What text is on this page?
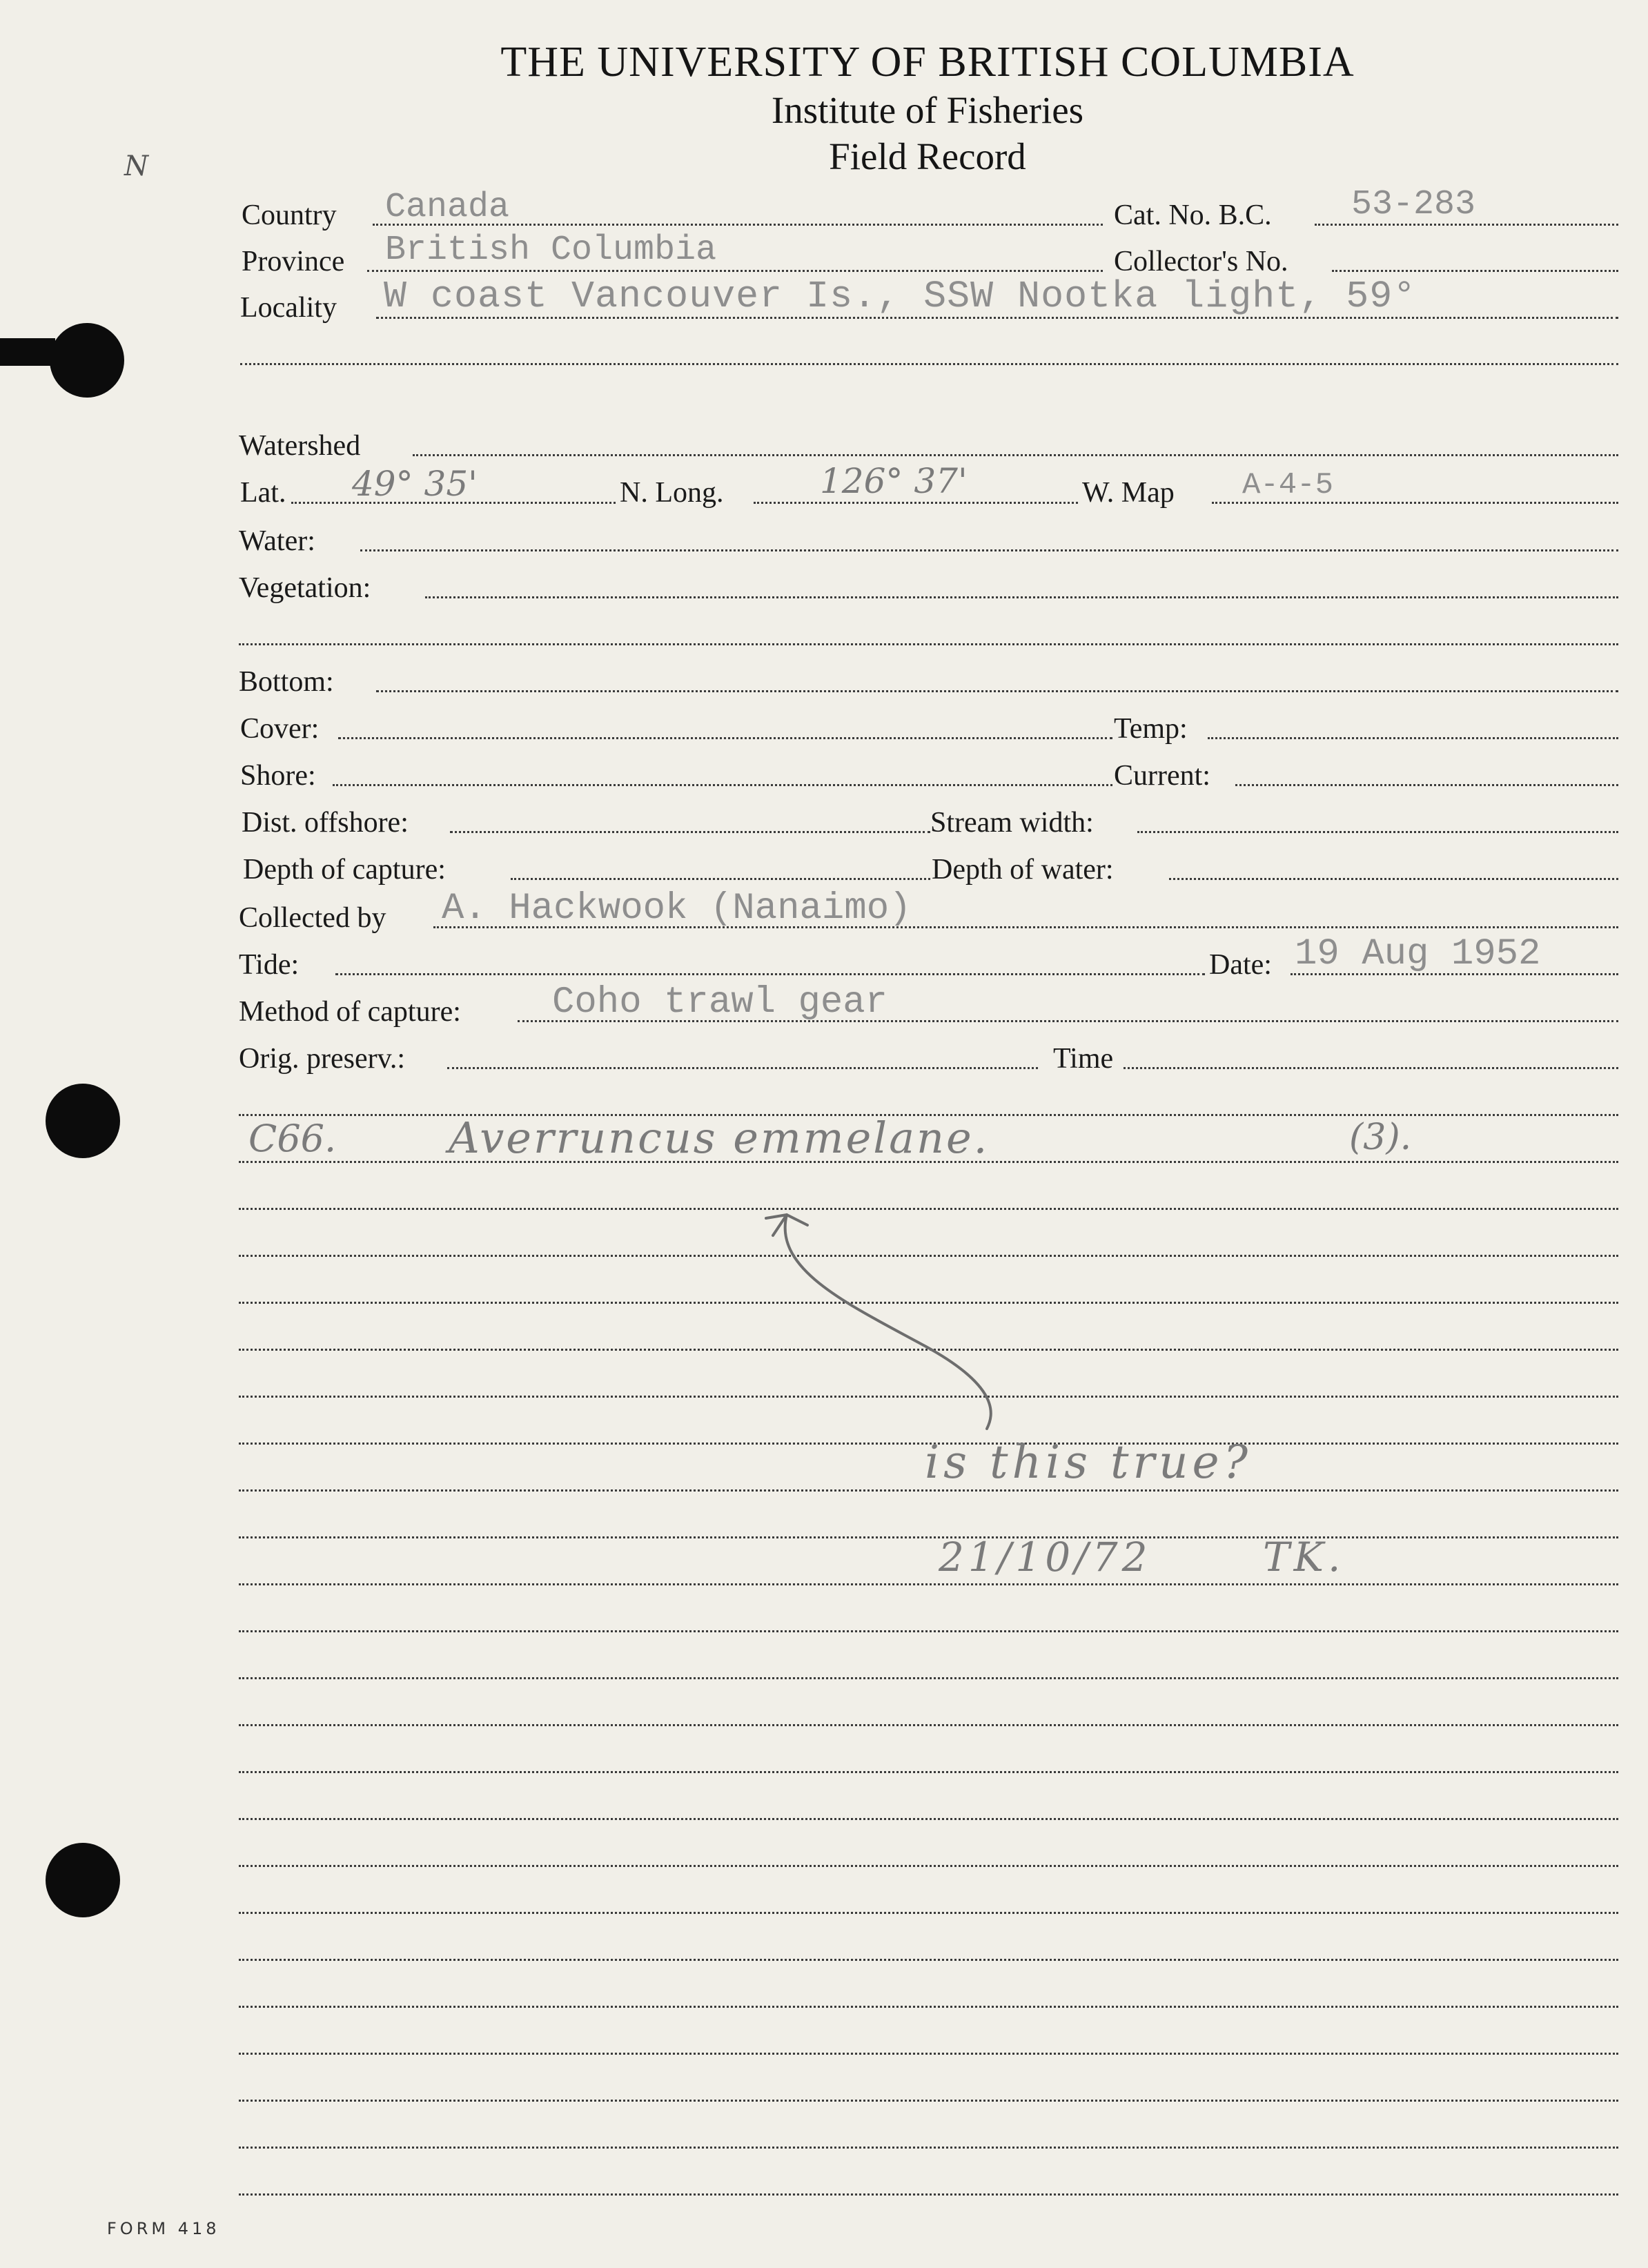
THE UNIVERSITY OF BRITISH COLUMBIA
Institute of Fisheries
Field Record
N
Country Canada	Cat. No. B.C. 53-283
Province British Columbia	Collector's No.
Locality W coast Vancouver Is., SSW Nootka light, 59°
Watershed
Lat. 49° 35'	N. Long.	126° 37'	W. Map A-4-5
Water:
Vegetation:
Bottom:
Cover:	Temp:
Shore:	Current:
Dist. offshore:	Stream width:
Depth of capture:	Depth of water:
Collected by A. Hackwook (Nanaimo)
Tide:	Date: 19 Aug 1952
Method of capture: Coho trawl gear
Orig. preserv.:	Time
C66.	Averruncus emmelane.	(3).
is this true?
21/10/72	TK.
FORM 418
